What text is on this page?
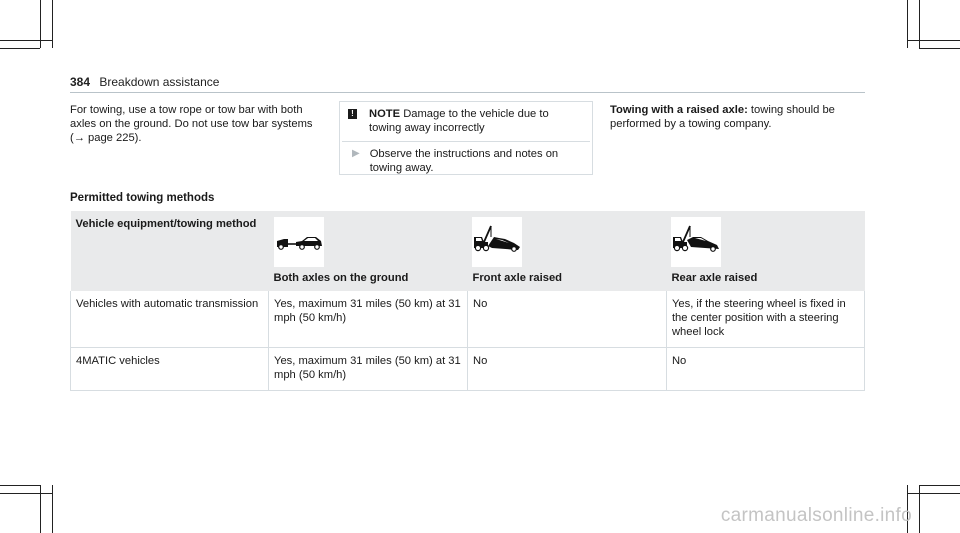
384 Breakdown assistance

For towing, use a tow rope or tow bar with both axles on the ground. Do not use tow bar systems (→ page 225).

! NOTE Damage to the vehicle due to towing away incorrectly
▶ Observe the instructions and notes on towing away.
Towing with a raised axle: towing should be performed by a towing company.
Permitted towing methods
Vehicle equipment/towing method	Both axles on the ground	Front axle raised	Rear axle raised

Vehicles with automatic transmission	Yes, maximum 31 miles (50 km) at 31 mph (50 km/h)	No	Yes, if the steering wheel is fixed in the center position with a steering wheel lock
4MATIC vehicles	Yes, maximum 31 miles (50 km) at 31 mph (50 km/h)	No	No
carmanualsonline.info
